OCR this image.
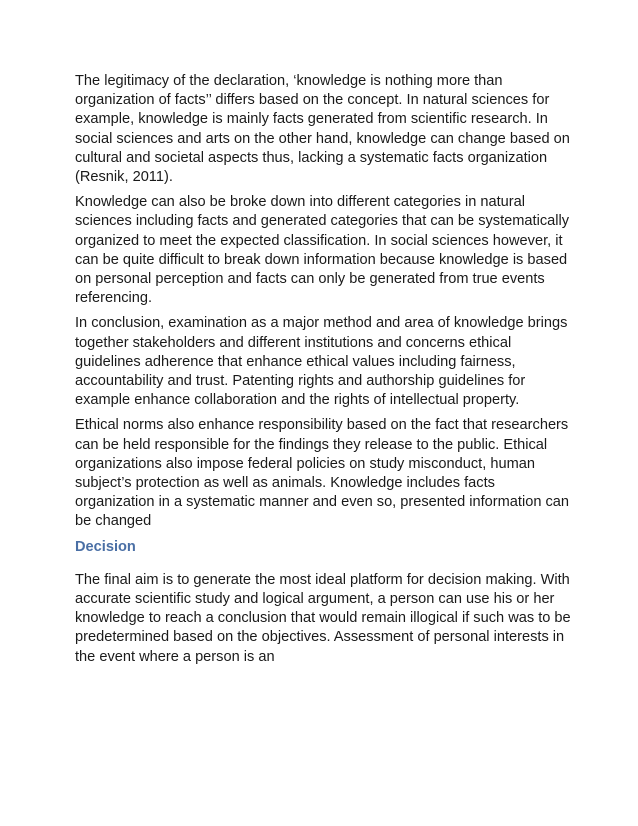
The legitimacy of the declaration, ‘knowledge is nothing more than organization of facts’’ differs based on the concept. In natural sciences for example, knowledge is mainly facts generated from scientific research. In social sciences and arts on the other hand, knowledge can change based on cultural and societal aspects thus, lacking a systematic facts organization (Resnik, 2011).

Knowledge can also be broke down into different categories in natural sciences including facts and generated categories that can be systematically organized to meet the expected classification. In social sciences however, it can be quite difficult to break down information because knowledge is based on personal perception and facts can only be generated from true events referencing.

In conclusion, examination as a major method and area of knowledge brings together stakeholders and different institutions and concerns ethical guidelines adherence that enhance ethical values including fairness, accountability and trust. Patenting rights and authorship guidelines for example enhance collaboration and the rights of intellectual property.

Ethical norms also enhance responsibility based on the fact that researchers can be held responsible for the findings they release to the public. Ethical organizations also impose federal policies on study misconduct, human subject’s protection as well as animals. Knowledge includes facts organization in a systematic manner and even so, presented information can be changed

Decision

The final aim is to generate the most ideal platform for decision making. With accurate scientific study and logical argument, a person can use his or her knowledge to reach a conclusion that would remain illogical if such was to be predetermined based on the objectives. Assessment of personal interests in the event where a person is an
